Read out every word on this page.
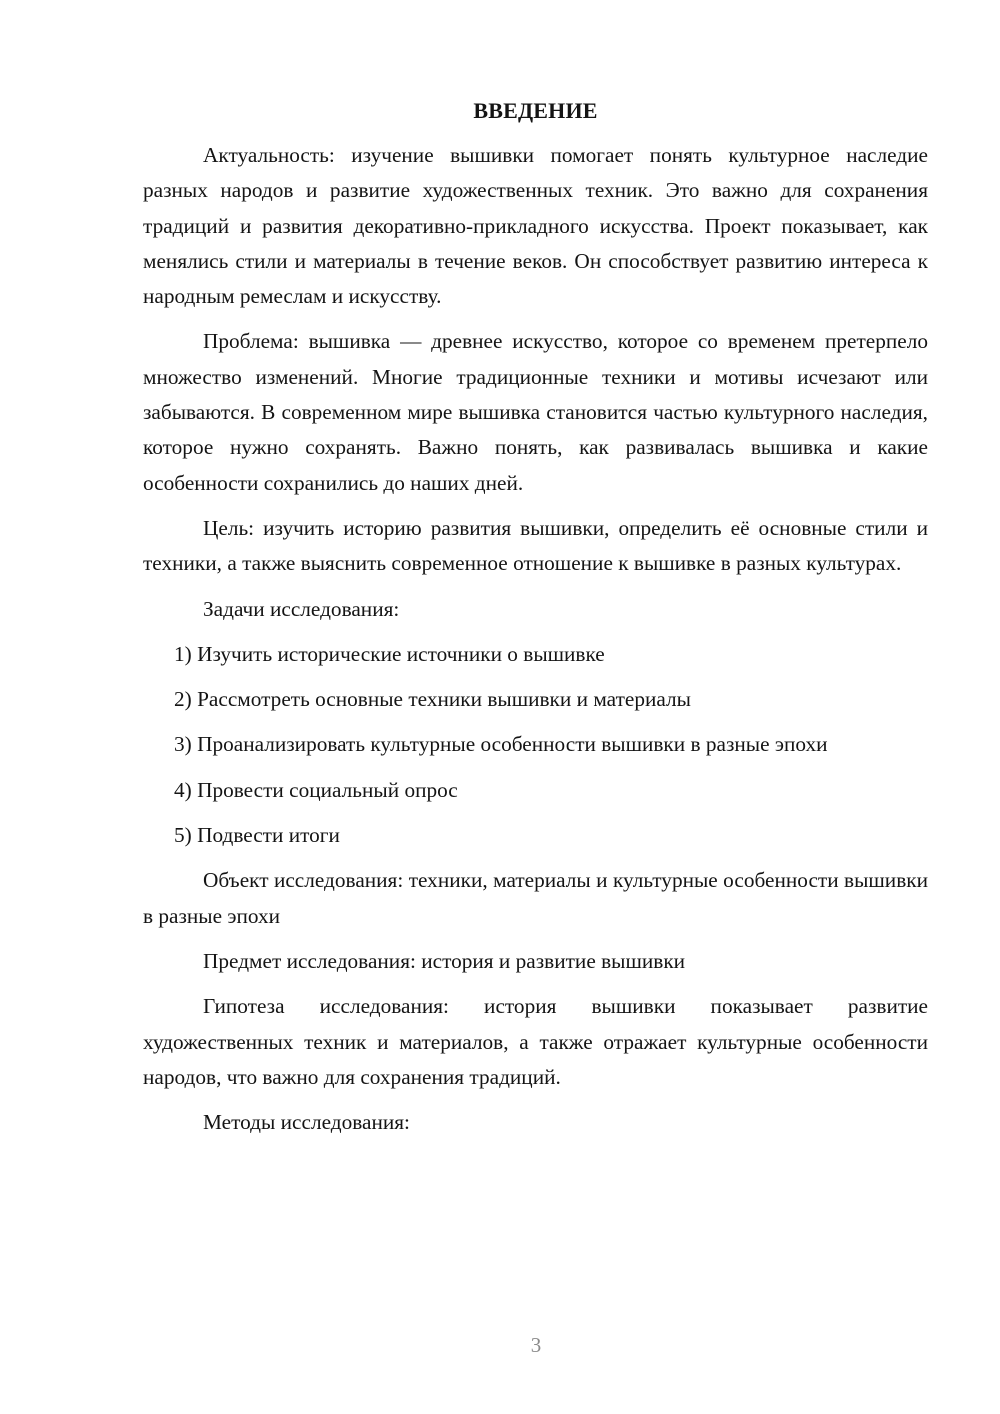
ВВЕДЕНИЕ

Актуальность: изучение вышивки помогает понять культурное наследие разных народов и развитие художественных техник. Это важно для сохранения традиций и развития декоративно-прикладного искусства. Проект показывает, как менялись стили и материалы в течение веков. Он способствует развитию интереса к народным ремеслам и искусству.

Проблема: вышивка — древнее искусство, которое со временем претерпело множество изменений. Многие традиционные техники и мотивы исчезают или забываются. В современном мире вышивка становится частью культурного наследия, которое нужно сохранять. Важно понять, как развивалась вышивка и какие особенности сохранились до наших дней.

Цель: изучить историю развития вышивки, определить её основные стили и техники, а также выяснить современное отношение к вышивке в разных культурах.

Задачи исследования:

1) Изучить исторические источники о вышивке

2) Рассмотреть основные техники вышивки и материалы

3) Проанализировать культурные особенности вышивки в разные эпохи

4) Провести социальный опрос

5) Подвести итоги

Объект исследования: техники, материалы и культурные особенности вышивки в разные эпохи

Предмет исследования: история и развитие вышивки

Гипотеза исследования: история вышивки показывает развитие художественных техник и материалов, а также отражает культурные особенности народов, что важно для сохранения традиций.

Методы исследования:

3
